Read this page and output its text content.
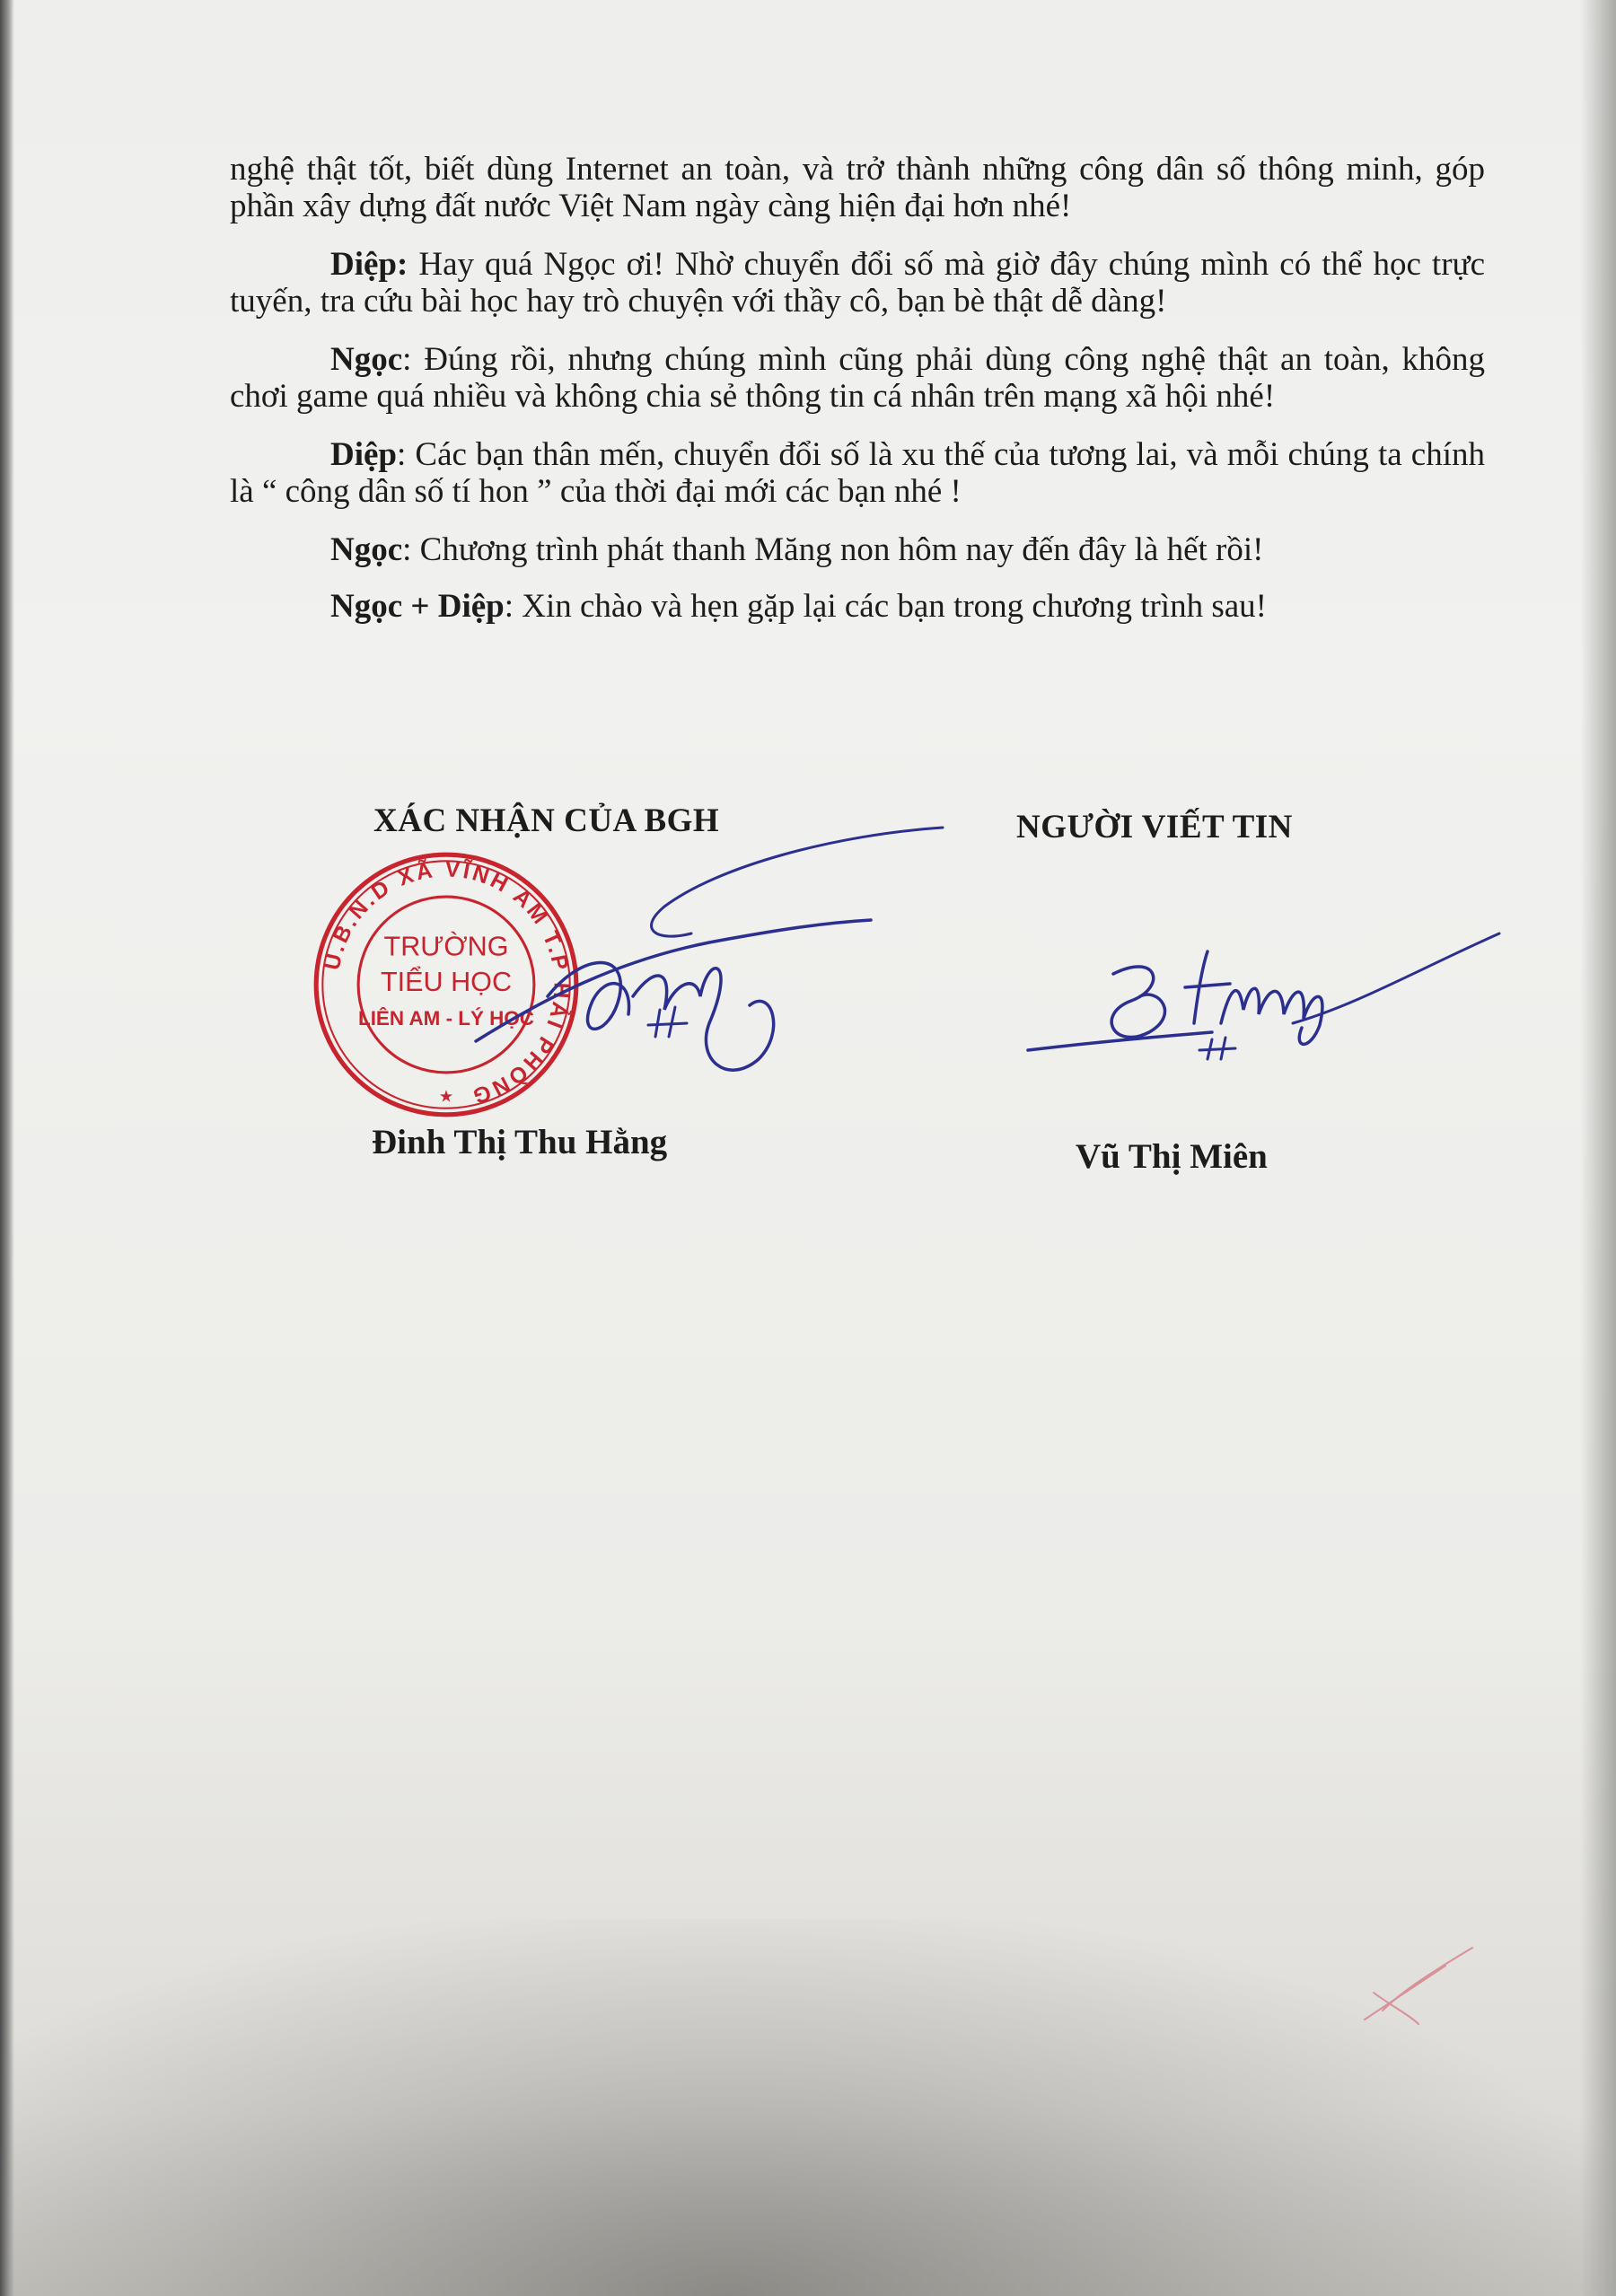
nghệ thật tốt, biết dùng Internet an toàn, và trở thành những công dân số thông minh, góp phần xây dựng đất nước Việt Nam ngày càng hiện đại hơn nhé!

Diệp: Hay quá Ngọc ơi! Nhờ chuyển đổi số mà giờ đây chúng mình có thể học trực tuyến, tra cứu bài học hay trò chuyện với thầy cô, bạn bè thật dễ dàng!

Ngọc: Đúng rồi, nhưng chúng mình cũng phải dùng công nghệ thật an toàn, không chơi game quá nhiều và không chia sẻ thông tin cá nhân trên mạng xã hội nhé!

Diệp: Các bạn thân mến, chuyển đổi số là xu thế của tương lai, và mỗi chúng ta chính là “ công dân số tí hon ” của thời đại mới các bạn nhé !

Ngọc: Chương trình phát thanh Măng non hôm nay đến đây là hết rồi!

Ngọc + Diệp: Xin chào và hẹn gặp lại các bạn trong chương trình sau!

XÁC NHẬN CỦA BGH
U.B.N.D XÃ VĨNH AM T.P HẢI PHÒNG
★
TRƯỜNG
TIỂU HỌC
LIÊN AM - LÝ HỌC
Đinh Thị Thu Hằng
NGƯỜI VIẾT TIN
Vũ Thị Miên
